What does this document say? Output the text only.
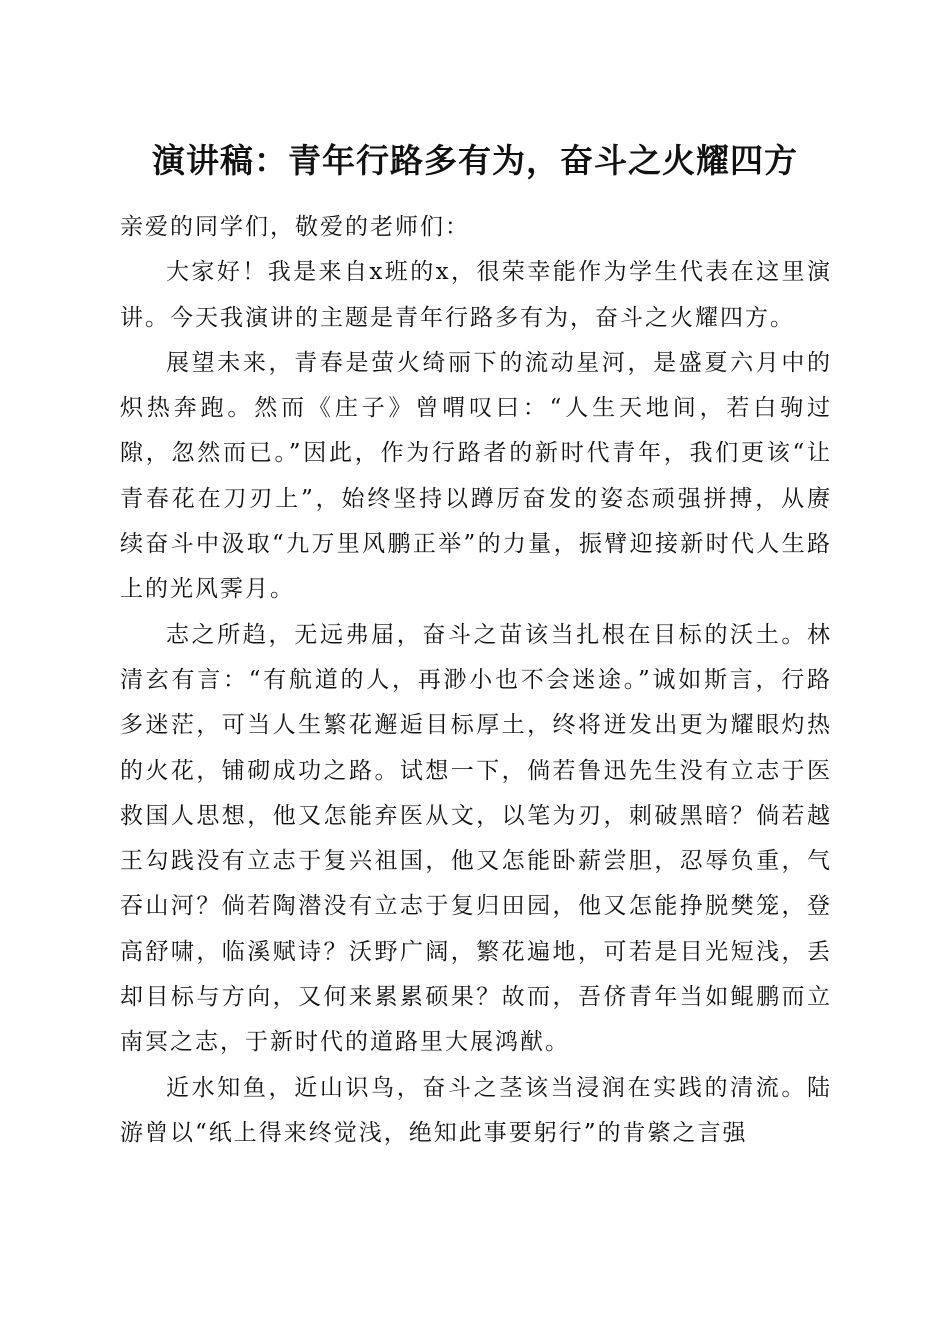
演讲稿：青年行路多有为，奋斗之火耀四方

亲爱的同学们，敬爱的老师们：

大家好！我是来自x班的x，很荣幸能作为学生代表在这里演讲。今天我演讲的主题是青年行路多有为，奋斗之火耀四方。

展望未来，青春是萤火绮丽下的流动星河，是盛夏六月中的炽热奔跑。然而《庄子》曾喟叹曰：“人生天地间，若白驹过隙，忽然而已。”因此，作为行路者的新时代青年，我们更该“让青春花在刀刃上”，始终坚持以蹲厉奋发的姿态顽强拼搏，从赓续奋斗中汲取“九万里风鹏正举”的力量，振臂迎接新时代人生路上的光风霁月。

志之所趋，无远弗届，奋斗之苗该当扎根在目标的沃土。林清玄有言：“有航道的人，再渺小也不会迷途。”诚如斯言，行路多迷茫，可当人生繁花邂逅目标厚土，终将迸发出更为耀眼灼热的火花，铺砌成功之路。试想一下，倘若鲁迅先生没有立志于医救国人思想，他又怎能弃医从文，以笔为刃，刺破黑暗？倘若越王勾践没有立志于复兴祖国，他又怎能卧薪尝胆，忍辱负重，气吞山河？倘若陶潜没有立志于复归田园，他又怎能挣脱樊笼，登高舒啸，临溪赋诗？沃野广阔，繁花遍地，可若是目光短浅，丢却目标与方向，又何来累累硕果？故而，吾侪青年当如鲲鹏而立南冥之志，于新时代的道路里大展鸿猷。

近水知鱼，近山识鸟，奋斗之茎该当浸润在实践的清流。陆游曾以“纸上得来终觉浅，绝知此事要躬行”的肯綮之言强
